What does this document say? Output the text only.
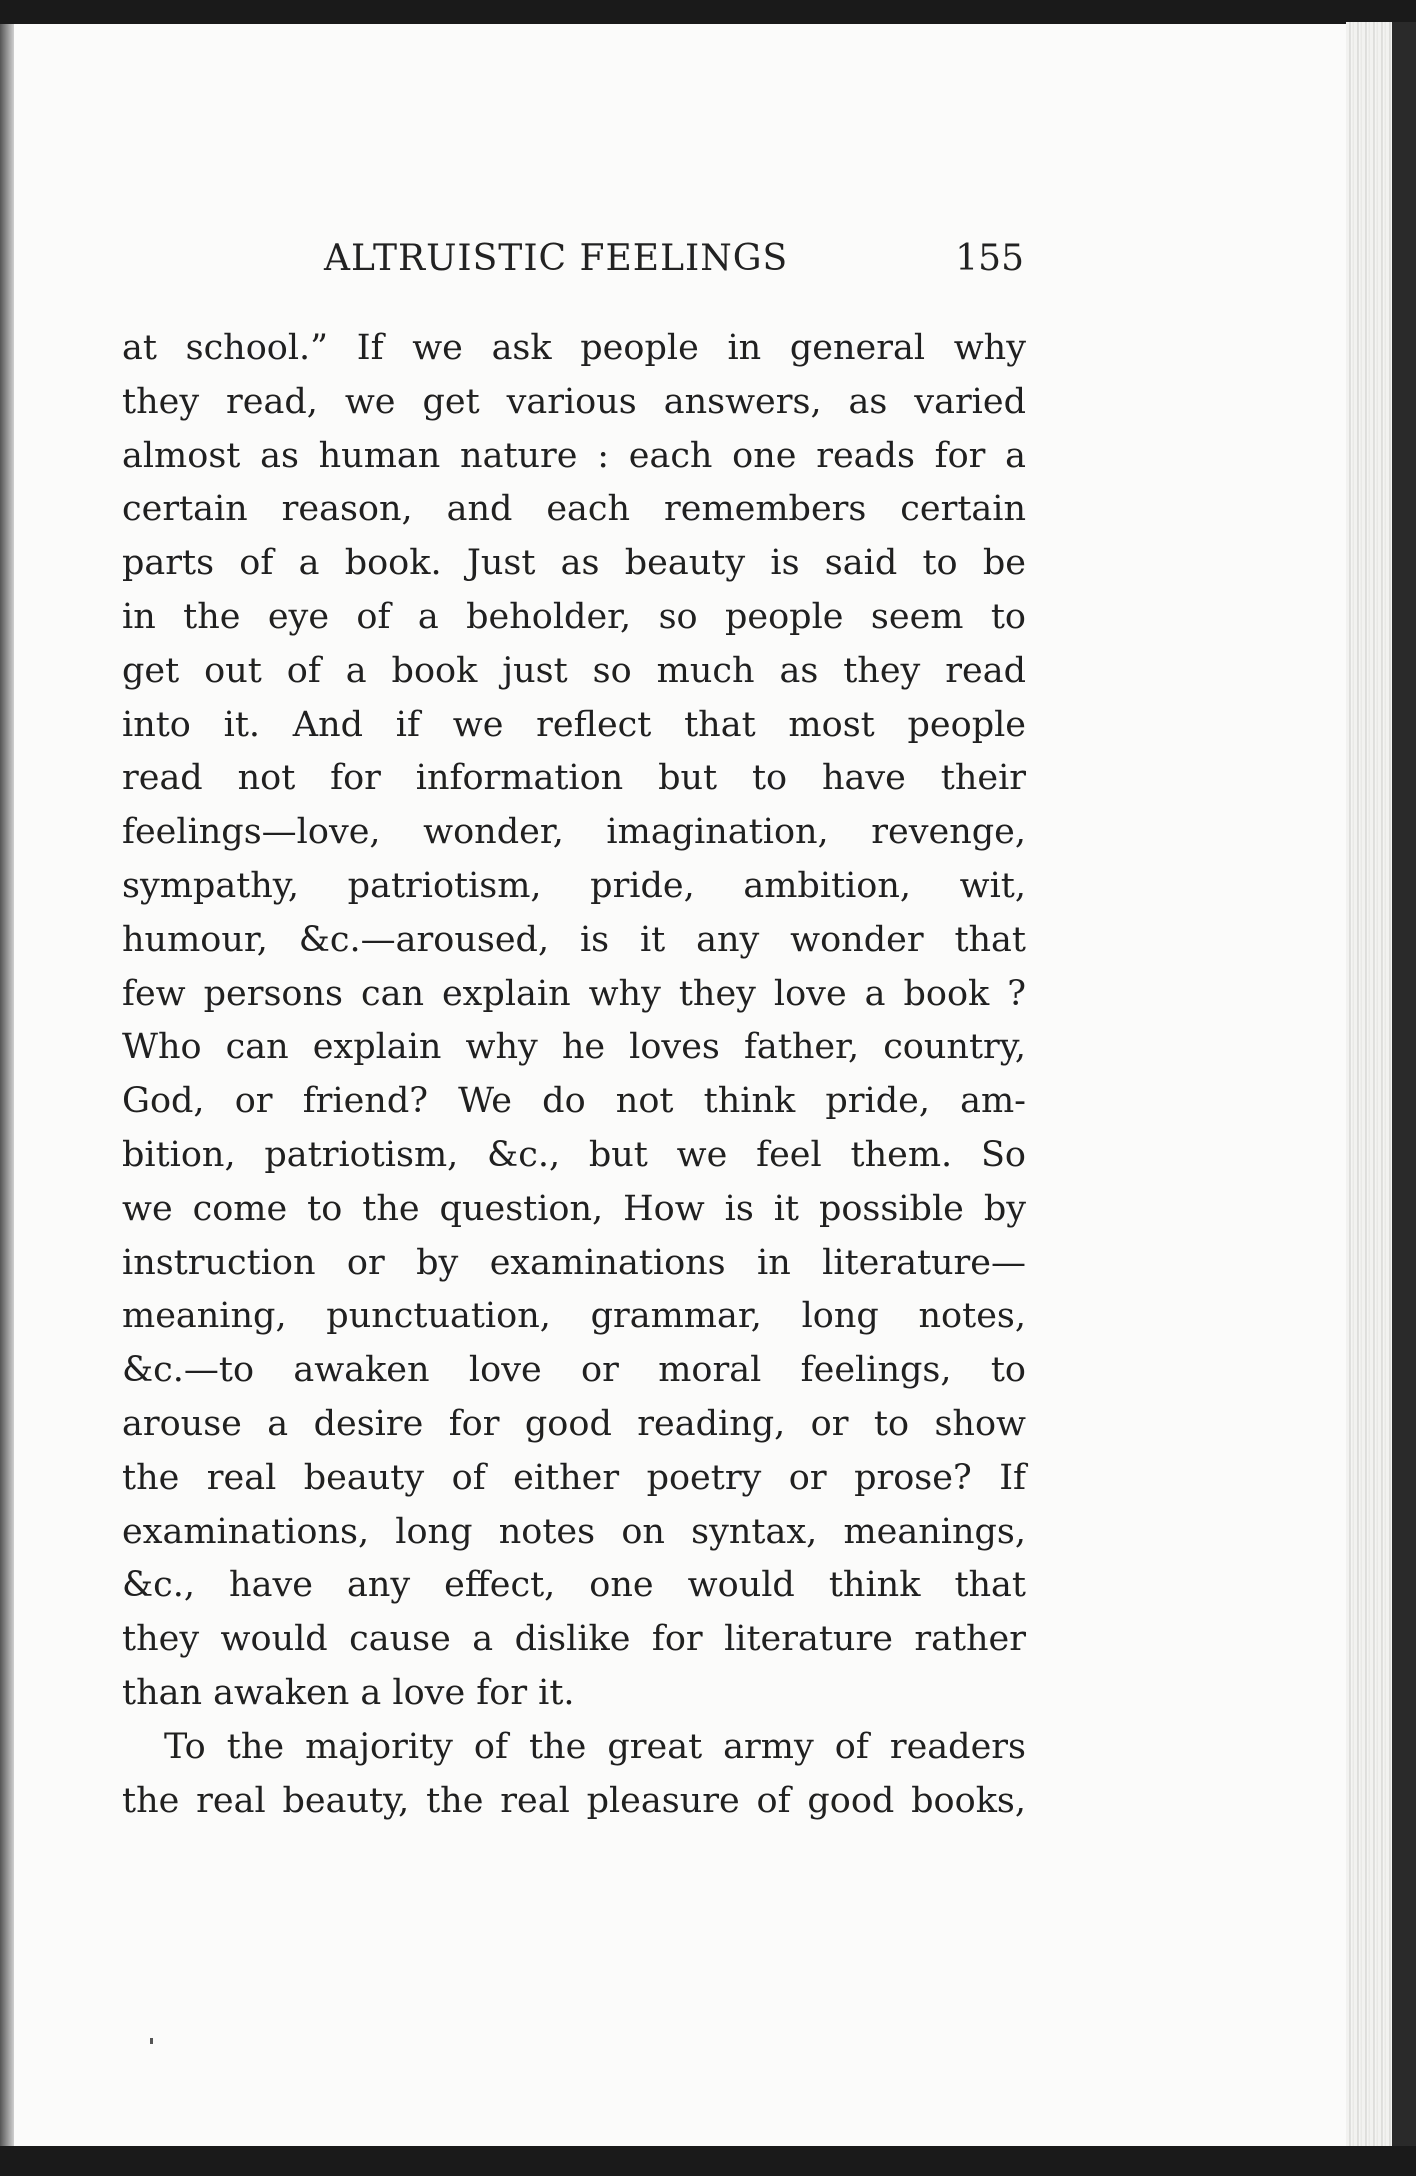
ALTRUISTIC FEELINGS	155
at school.” If we ask people in general why
they read, we get various answers, as varied
almost as human nature : each one reads for a
certain reason, and each remembers certain
parts of a book. Just as beauty is said to be
in the eye of a beholder, so people seem to
get out of a book just so much as they read
into it. And if we reflect that most people
read not for information but to have their
feelings—love, wonder, imagination, revenge,
sympathy, patriotism, pride, ambition, wit,
humour, &c.—aroused, is it any wonder that
few persons can explain why they love a book ?
Who can explain why he loves father, country,
God, or friend? We do not think pride, am-
bition, patriotism, &c., but we feel them. So
we come to the question, How is it possible by
instruction or by examinations in literature—
meaning, punctuation, grammar, long notes,
&c.—to awaken love or moral feelings, to
arouse a desire for good reading, or to show
the real beauty of either poetry or prose? If
examinations, long notes on syntax, meanings,
&c., have any effect, one would think that
they would cause a dislike for literature rather
than awaken a love for it.
To the majority of the great army of readers
the real beauty, the real pleasure of good books,
